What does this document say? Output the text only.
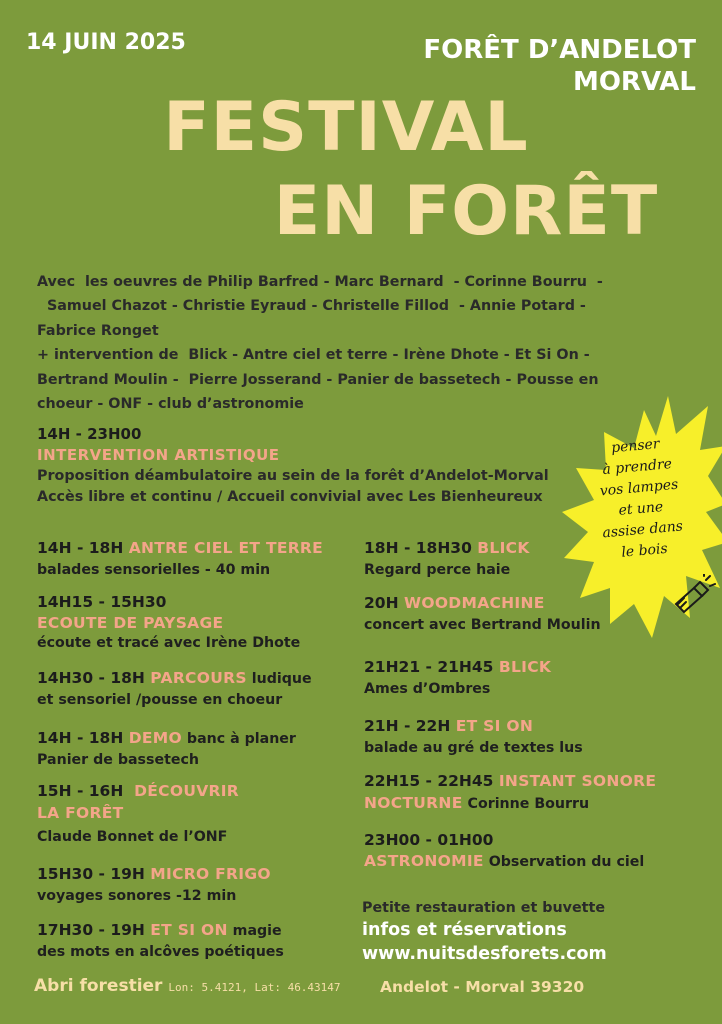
14 JUIN 2025	FORÊT D’ANDELOT
MORVAL
FESTIVAL
EN FORÊT
Avec  les oeuvres de Philip Barfred - Marc Bernard  - Corinne Bourru  -
Samuel Chazot - Christie Eyraud - Christelle Fillod  - Annie Potard -
Fabrice Ronget
+ intervention de  Blick - Antre ciel et terre - Irène Dhote - Et Si On -
Bertrand Moulin -  Pierre Josserand - Panier de bassetech - Pousse en
choeur - ONF - club d’astronomie
14H - 23H00
INTERVENTION ARTISTIQUE
Proposition déambulatoire au sein de la forêt d’Andelot-Morval
Accès libre et continu / Accueil convivial avec Les Bienheureux
penser
à prendre
vos lampes
et une
assise dans
le bois
14H - 18H ANTRE CIEL ET TERRE
balades sensorielles - 40 min
14H15 - 15H30
ECOUTE DE PAYSAGE
écoute et tracé avec Irène Dhote
14H30 - 18H PARCOURS ludique
et sensoriel /pousse en choeur
14H - 18H DEMO banc à planer
Panier de bassetech
15H - 16H  DÉCOUVRIR
LA FORÊT
Claude Bonnet de l’ONF
15H30 - 19H MICRO FRIGO
voyages sonores -12 min
17H30 - 19H ET SI ON magie
des mots en alcôves poétiques
18H - 18H30 BLICK
Regard perce haie
20H WOODMACHINE
concert avec Bertrand Moulin
21H21 - 21H45 BLICK
Ames d’Ombres
21H - 22H ET SI ON
balade au gré de textes lus
22H15 - 22H45 INSTANT SONORE
NOCTURNE Corinne Bourru
23H00 - 01H00
ASTRONOMIE Observation du ciel
Petite restauration et buvette
infos et réservations
www.nuitsdesforets.com
Abri forestier Lon: 5.4121, Lat: 46.43147	Andelot - Morval 39320
